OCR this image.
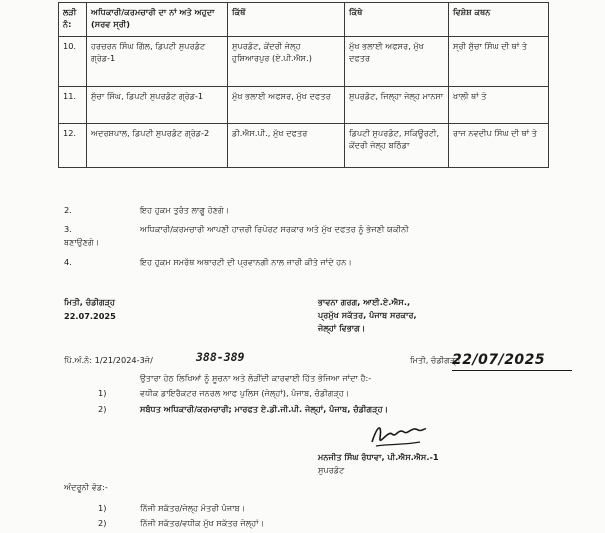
ਲੜੀ ਨੰ:	ਅਧਿਕਾਰੀ/ਕਰਮਚਾਰੀ ਦਾ ਨਾਂ ਅਤੇ ਅਹੁਦਾ (ਸਰਵ ਸ੍ਰੀ)	ਕਿੱਥੋਂ	ਕਿੱਥੇ	ਵਿਸ਼ੇਸ਼ ਕਥਨ
10.	ਹਰਚਰਨ ਸਿੰਘ ਗਿੱਲ, ਡਿਪਟੀ ਸੁਪਰਡੰਟ ਗ੍ਰੇਡ-1	ਸੁਪਰਡੰਟ, ਕੇਂਦਰੀ ਜੇਲ੍ਹ ਹੁਸ਼ਿਆਰਪੁਰ (ਏ.ਪੀ.ਐਸ.)	ਮੁੱਖ ਭਲਾਈ ਅਫਸਰ, ਮੁੱਖ ਦਫਤਰ	ਸ੍ਰੀ ਸੁੱਚਾ ਸਿੰਘ ਦੀ ਥਾਂ ਤੇ
11.	ਸੁੱਚਾ ਸਿੰਘ, ਡਿਪਟੀ ਸੁਪਰਡੰਟ ਗ੍ਰੇਡ-1	ਮੁੱਖ ਭਲਾਈ ਅਫਸਰ, ਮੁੱਖ ਦਫਤਰ	ਸੁਪਰਡੰਟ, ਜਿਲ੍ਹਾ ਜੇਲ੍ਹ ਮਾਨਸਾ	ਖਾਲੀ ਥਾਂ ਤੇ
12.	ਅਦਰਸ਼ਪਾਲ, ਡਿਪਟੀ ਸੁਪਰਡੰਟ ਗ੍ਰੇਡ-2	ਡੀ.ਐਸ.ਪੀ., ਮੁੱਖ ਦਫਤਰ	ਡਿਪਟੀ ਸੁਪਰਡੰਟ, ਸਕਿਊਰਟੀ, ਕੇਂਦਰੀ ਜੇਲ੍ਹ ਬਠਿੰਡਾ	ਰਾਜ ਨਵਦੀਪ ਸਿੰਘ ਦੀ ਥਾਂ ਤੇ
2.	ਇਹ ਹੁਕਮ ਤੁਰੰਤ ਲਾਗੂ ਹੋਣਗੇ।
3.	ਅਧਿਕਾਰੀ/ਕਰਮਚਾਰੀ ਆਪਣੀ ਹਾਜ਼ਰੀ ਰਿਪੋਰਟ ਸਰਕਾਰ ਅਤੇ ਮੁੱਖ ਦਫਤਰ ਨੂੰ ਭੇਜਣੀ ਯਕੀਨੀ
ਬਣਾਉਣਗੇ।
4.	ਇਹ ਹੁਕਮ ਸਮਰੱਥ ਅਥਾਰਟੀ ਦੀ ਪ੍ਰਵਾਨਗੀ ਨਾਲ ਜਾਰੀ ਕੀਤੇ ਜਾਂਦੇ ਹਨ।
ਮਿਤੀ, ਚੰਡੀਗੜ੍ਹ
22.07.2025
ਭਾਵਨਾ ਗਰਗ, ਆਈ.ਏ.ਐਸ.,
ਪ੍ਰਮੁੱਖ ਸਕੱਤਰ, ਪੰਜਾਬ ਸਰਕਾਰ,
ਜੇਲ੍ਹਾਂ ਵਿਭਾਗ।
ਪਿੱ.ਅੰ.ਨੰ: 1/21/2024-3ਜੇ/	388-389	ਮਿਤੀ, ਚੰਡੀਗੜ੍ਹ
22/07/2025
ਉਤਾਰਾ ਹੇਠ ਲਿਖਿਆਂ ਨੂੰ ਸੂਚਨਾ ਅਤੇ ਲੋੜੀਂਦੀ ਕਾਰਵਾਈ ਹਿੱਤ ਭੇਜਿਆ ਜਾਂਦਾ ਹੈ:-
1)	ਵਧੀਕ ਡਾਇਰੈਕਟਰ ਜਨਰਲ ਆਫ ਪੁਲਿਸ (ਜੇਲ੍ਹਾਂ), ਪੰਜਾਬ, ਚੰਡੀਗੜ੍ਹ।
2)	ਸਬੰਧਤ ਅਧਿਕਾਰੀ/ਕਰਮਚਾਰੀ; ਮਾਰਫਤ ਏ.ਡੀ.ਜੀ.ਪੀ. ਜੇਲ੍ਹਾਂ, ਪੰਜਾਬ, ਚੰਡੀਗੜ੍ਹ।
ਮਨਜੀਤ ਸਿੰਘ ਰੰਧਾਵਾ, ਪੀ.ਐਸ.ਐਸ.-1
ਸੁਪਰਡੰਟ
ਅੰਦਰੂਨੀ ਵੰਡ:-
1)	ਨਿੱਜੀ ਸਕੱਤਰ/ਜੇਲ੍ਹ ਮੰਤਰੀ ਪੰਜਾਬ।
2)	ਨਿੱਜੀ ਸਕੱਤਰ/ਵਧੀਕ ਮੁੱਖ ਸਕੱਤਰ ਜੇਲ੍ਹਾਂ।
